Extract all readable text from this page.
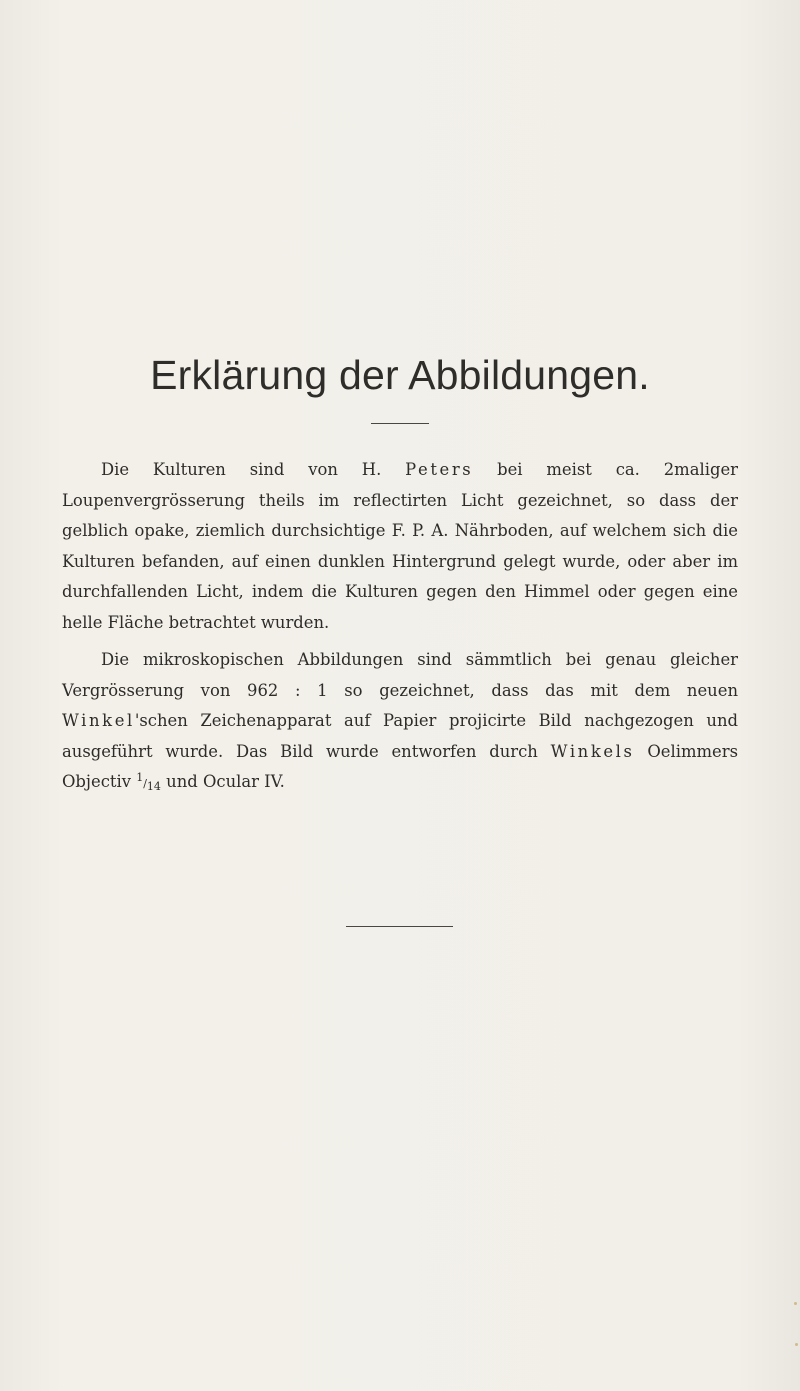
Erklärung der Abbildungen.

Die Kulturen sind von H. Peters bei meist ca. 2maliger Loupenvergrösserung theils im reflectirten Licht gezeichnet, so dass der gelblich opake, ziemlich durchsichtige F. P. A. Nährboden, auf welchem sich die Kulturen befanden, auf einen dunklen Hintergrund gelegt wurde, oder aber im durchfallenden Licht, indem die Kulturen gegen den Himmel oder gegen eine helle Fläche betrachtet wurden.

Die mikroskopischen Abbildungen sind sämmtlich bei genau gleicher Vergrösserung von 962 : 1 so gezeichnet, dass das mit dem neuen Winkel'schen Zeichenapparat auf Papier projicirte Bild nachgezogen und ausgeführt wurde. Das Bild wurde entworfen durch Winkels Oelimmers Objectiv 1/14 und Ocular IV.
